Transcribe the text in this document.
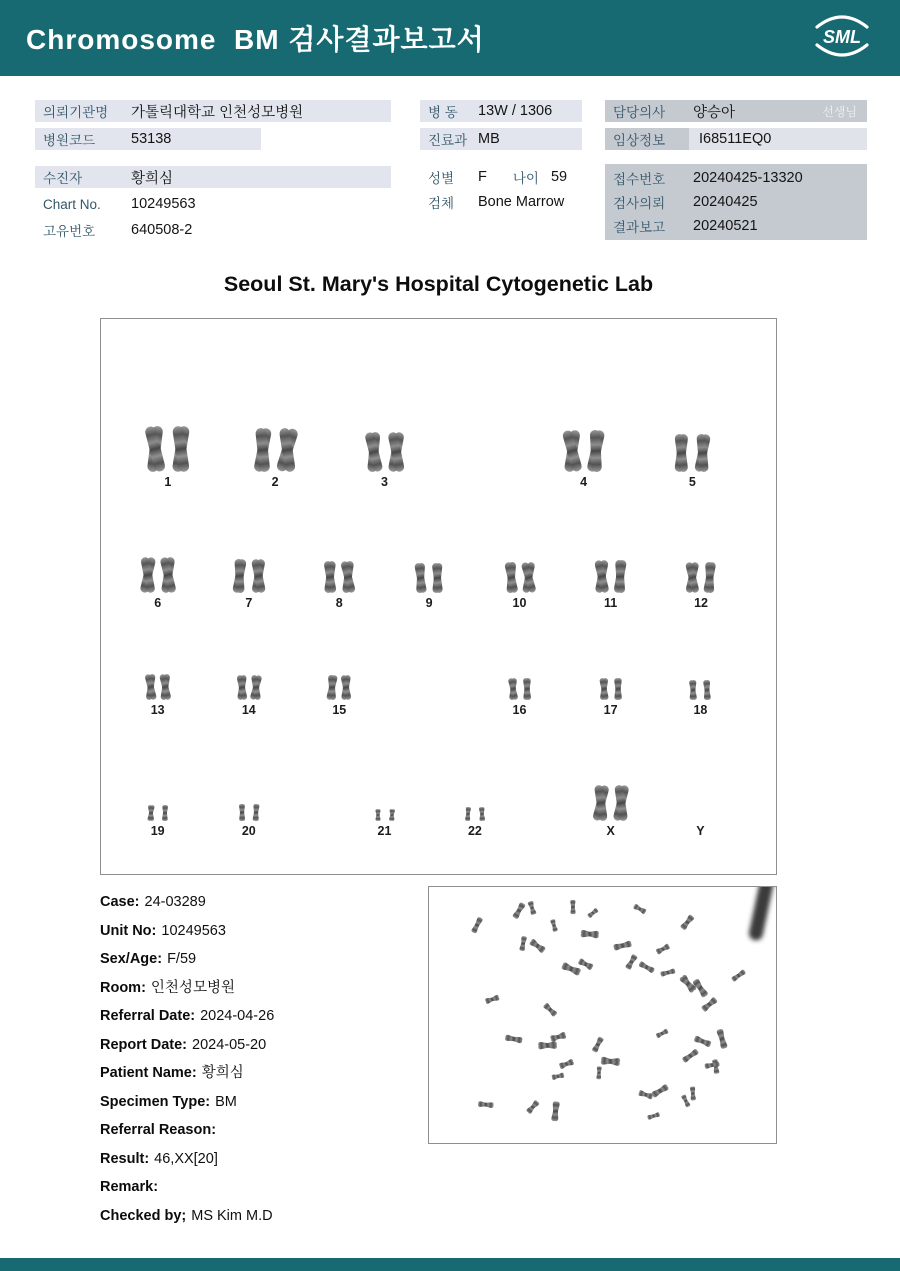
Chromosome  BM 검사결과보고서	SML
의뢰기관명	가톨릭대학교 인천성모병원
병원코드	53138
수진자	황희심
Chart No.	10249563
고유번호	640508-2
병 동	13W / 1306
진료과 MB
성별	F 나이 59
검체	Bone Marrow
담당의사	양승아	선생님
임상정보	I68511EQ0
접수번호	20240425-13320
검사의뢰	20240425
결과보고	20240521
Seoul St. Mary's Hospital Cytogenetic Lab
1	2	3	4	5
6	7	8	9	10	11	12
13	14	15	16	17	18
19	20	21	22	X	Y
Case: 24-03289
Unit No: 10249563
Sex/Age: F/59
Room: 인천성모병원
Referral Date: 2024-04-26
Report Date: 2024-05-20
Patient Name: 황희심
Specimen Type: BM
Referral Reason:
Result: 46,XX[20]
Remark:
Checked by; MS Kim M.D
